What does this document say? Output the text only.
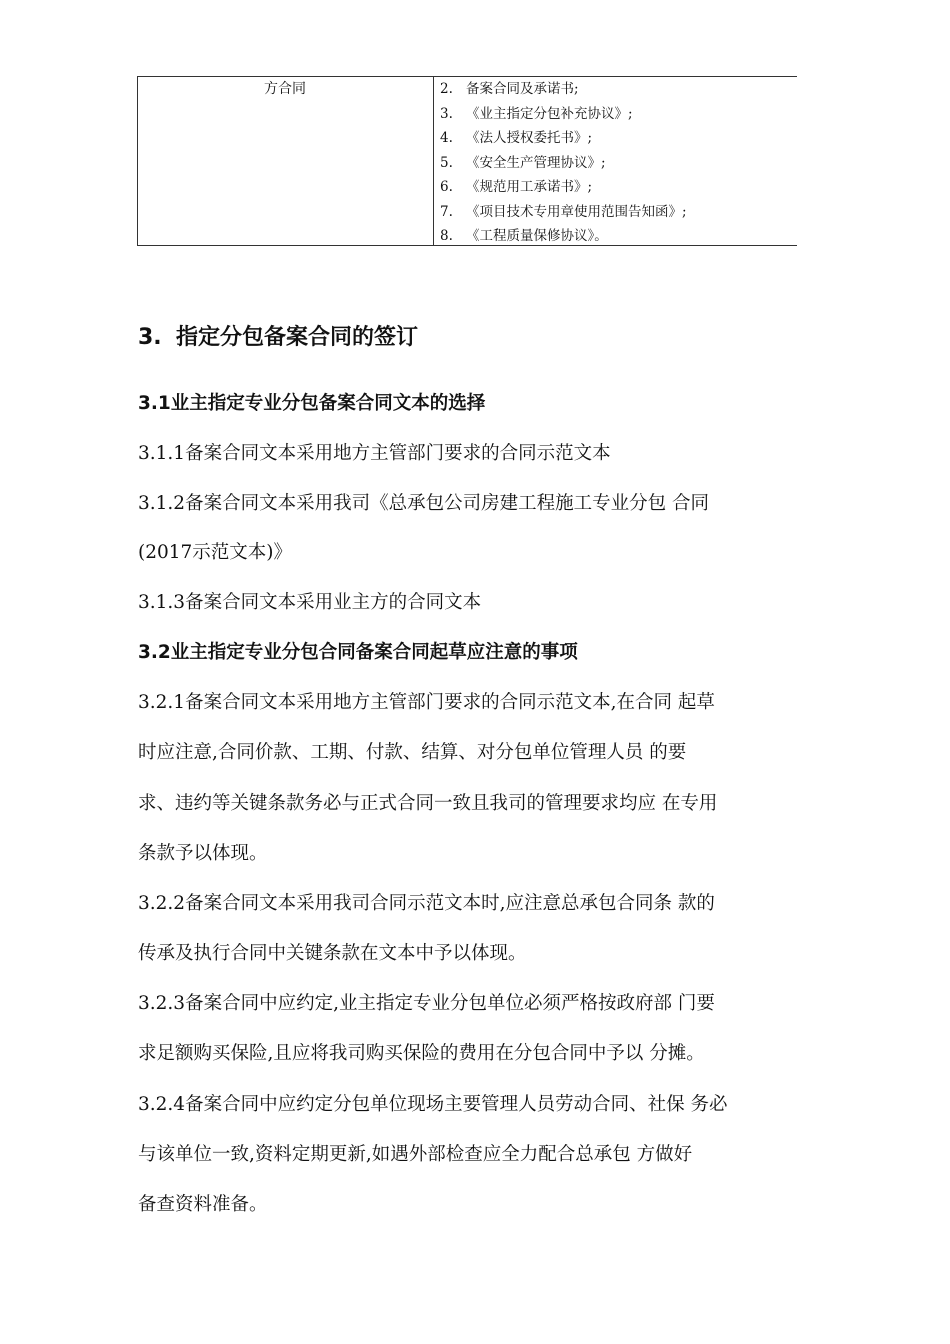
方合同	2. 备案合同及承诺书;
3. 《业主指定分包补充协议》;
4. 《法人授权委托书》;
5. 《安全生产管理协议》;
6. 《规范用工承诺书》;
7. 《项目技术专用章使用范围告知函》;
8. 《工程质量保修协议》。
3. 指定分包备案合同的签订
3.1业主指定专业分包备案合同文本的选择
3.1.1备案合同文本采用地方主管部门要求的合同示范文本
3.1.2备案合同文本采用我司《总承包公司房建工程施工专业分包 合同
(2017示范文本)》
3.1.3备案合同文本采用业主方的合同文本
3.2业主指定专业分包合同备案合同起草应注意的事项
3.2.1备案合同文本采用地方主管部门要求的合同示范文本,在合同 起草
时应注意,合同价款、工期、付款、结算、对分包单位管理人员 的要
求、违约等关键条款务必与正式合同一致且我司的管理要求均应 在专用
条款予以体现。
3.2.2备案合同文本采用我司合同示范文本时,应注意总承包合同条 款的
传承及执行合同中关键条款在文本中予以体现。
3.2.3备案合同中应约定,业主指定专业分包单位必须严格按政府部 门要
求足额购买保险,且应将我司购买保险的费用在分包合同中予以 分摊。
3.2.4备案合同中应约定分包单位现场主要管理人员劳动合同、社保 务必
与该单位一致,资料定期更新,如遇外部检查应全力配合总承包 方做好
备查资料准备。
